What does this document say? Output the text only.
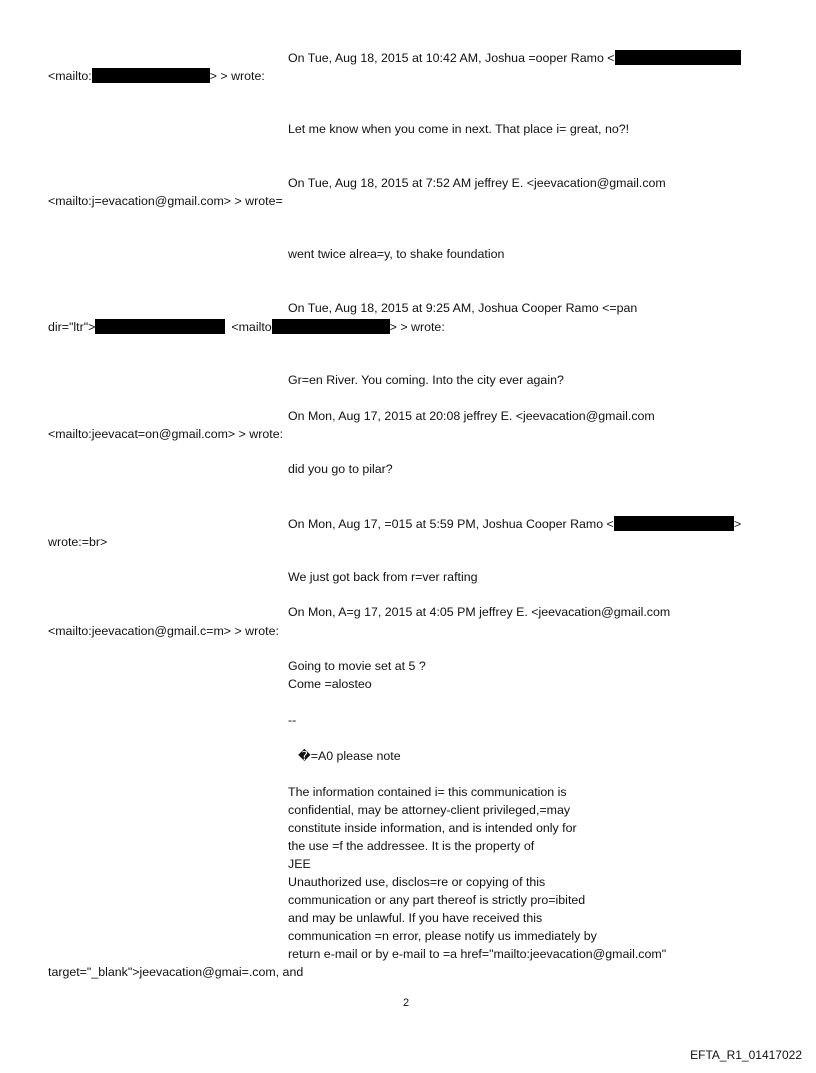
On Tue, Aug 18, 2015 at 10:42 AM, Joshua =ooper Ramo <
<mailto:	> > wrote:
Let me know when you come in next. That place i= great, no?!
On Tue, Aug 18, 2015 at 7:52 AM jeffrey E. <jeevacation@gmail.com
<mailto:j=evacation@gmail.com> > wrote=
went twice alrea=y, to shake foundation
On Tue, Aug 18, 2015 at 9:25 AM, Joshua Cooper Ramo <=pan
dir="ltr">	<mailto	> > wrote:
Gr=en River. You coming. Into the city ever again?
On Mon, Aug 17, 2015 at 20:08 jeffrey E. <jeevacation@gmail.com
<mailto:jeevacat=on@gmail.com> > wrote:
did you go to pilar?
On Mon, Aug 17, =015 at 5:59 PM, Joshua Cooper Ramo <	>
wrote:=br>
We just got back from r=ver rafting
On Mon, A=g 17, 2015 at 4:05 PM jeffrey E. <jeevacation@gmail.com
<mailto:jeevacation@gmail.c=m> > wrote:
Going to movie set at 5 ?
Come =alosteo
--
�=A0 please note
The information contained i= this communication is
confidential, may be attorney-client privileged,=may
constitute inside information, and is intended only for
the use =f the addressee. It is the property of
JEE
Unauthorized use, disclos=re or copying of this
communication or any part thereof is strictly pro=ibited
and may be unlawful. If you have received this
communication =n error, please notify us immediately by
return e-mail or by e-mail to =a href="mailto:jeevacation@gmail.com"
target="_blank">jeevacation@gmai=.com, and
2
EFTA_R1_01417022
